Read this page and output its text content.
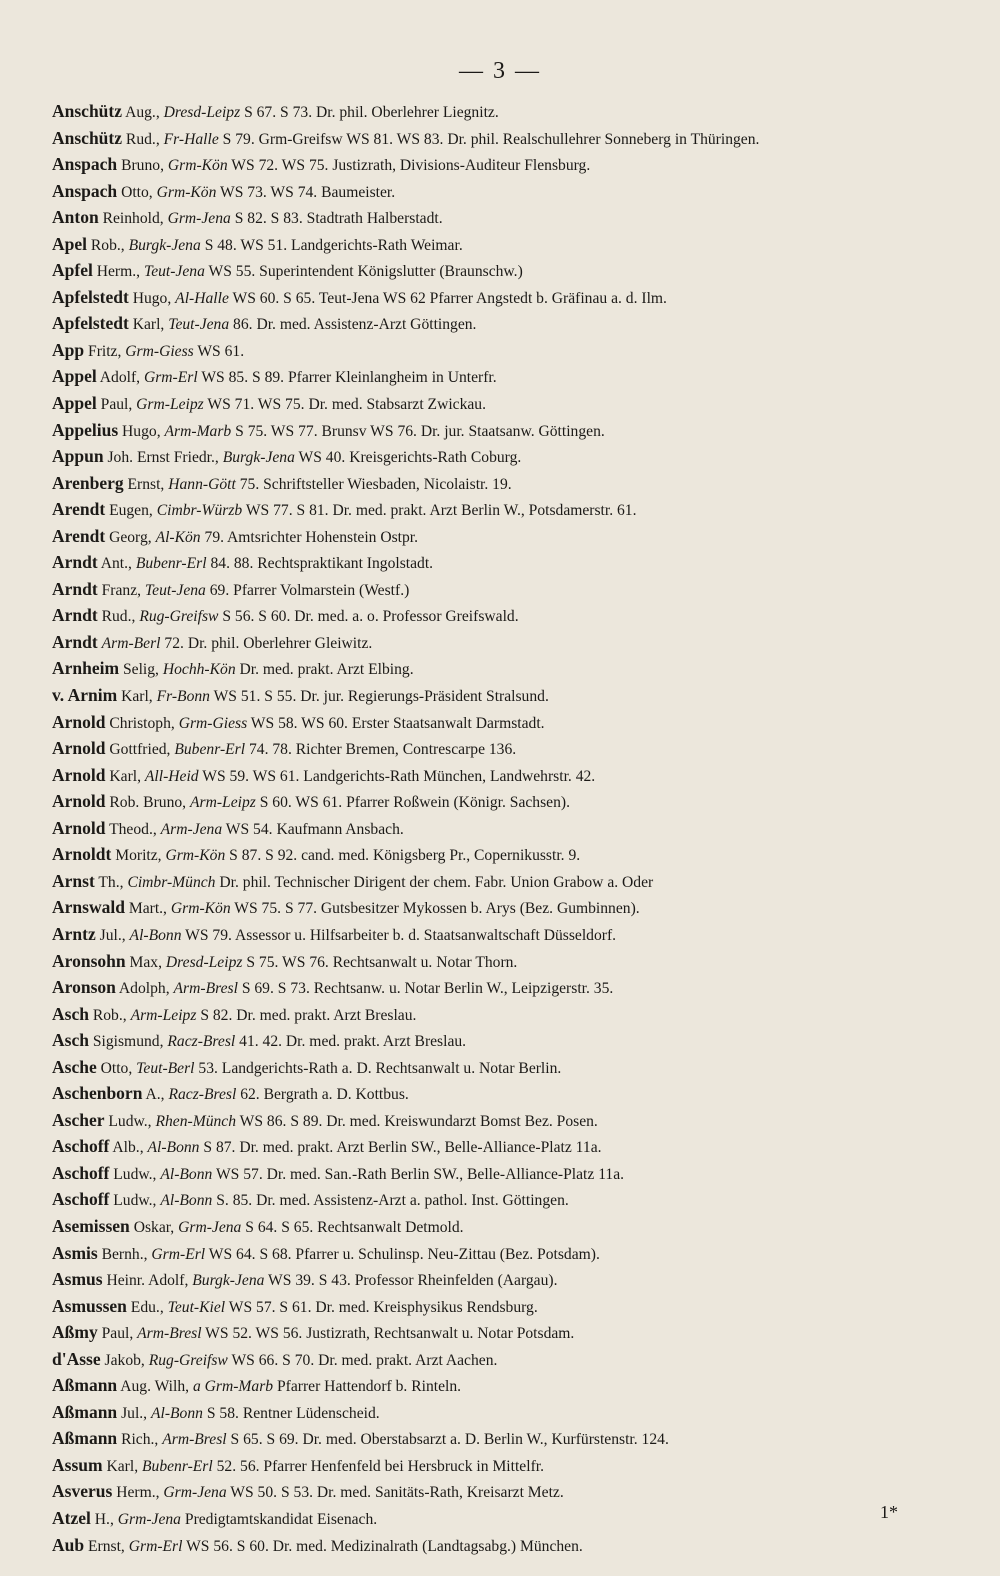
— 3 —
Anschütz Aug., Dresd-Leipz S 67. S 73. Dr. phil. Oberlehrer Liegnitz.
Anschütz Rud., Fr-Halle S 79. Grm-Greifsw WS 81. WS 83. Dr. phil. Realschullehrer Sonneberg in Thüringen.
Anspach Bruno, Grm-Kön WS 72. WS 75. Justizrath, Divisions-Auditeur Flensburg.
Anspach Otto, Grm-Kön WS 73. WS 74. Baumeister.
Anton Reinhold, Grm-Jena S 82. S 83. Stadtrath Halberstadt.
Apel Rob., Burgk-Jena S 48. WS 51. Landgerichts-Rath Weimar.
Apfel Herm., Teut-Jena WS 55. Superintendent Königslutter (Braunschw.)
Apfelstedt Hugo, Al-Halle WS 60. S 65. Teut-Jena WS 62 Pfarrer Angstedt b. Gräfinau a. d. Ilm.
Apfelstedt Karl, Teut-Jena 86. Dr. med. Assistenz-Arzt Göttingen.
App Fritz, Grm-Giess WS 61.
Appel Adolf, Grm-Erl WS 85. S 89. Pfarrer Kleinlangheim in Unterfr.
Appel Paul, Grm-Leipz WS 71. WS 75. Dr. med. Stabsarzt Zwickau.
Appelius Hugo, Arm-Marb S 75. WS 77. Brunsv WS 76. Dr. jur. Staatsanw. Göttingen.
Appun Joh. Ernst Friedr., Burgk-Jena WS 40. Kreisgerichts-Rath Coburg.
Arenberg Ernst, Hann-Gött 75. Schriftsteller Wiesbaden, Nicolaistr. 19.
Arendt Eugen, Cimbr-Würzb WS 77. S 81. Dr. med. prakt. Arzt Berlin W., Potsdamerstr. 61.
Arendt Georg, Al-Kön 79. Amtsrichter Hohenstein Ostpr.
Arndt Ant., Bubenr-Erl 84. 88. Rechtspraktikant Ingolstadt.
Arndt Franz, Teut-Jena 69. Pfarrer Volmarstein (Westf.)
Arndt Rud., Rug-Greifsw S 56. S 60. Dr. med. a. o. Professor Greifswald.
Arndt Arm-Berl 72. Dr. phil. Oberlehrer Gleiwitz.
Arnheim Selig, Hochh-Kön Dr. med. prakt. Arzt Elbing.
v. Arnim Karl, Fr-Bonn WS 51. S 55. Dr. jur. Regierungs-Präsident Stralsund.
Arnold Christoph, Grm-Giess WS 58. WS 60. Erster Staatsanwalt Darmstadt.
Arnold Gottfried, Bubenr-Erl 74. 78. Richter Bremen, Contrescarpe 136.
Arnold Karl, All-Heid WS 59. WS 61. Landgerichts-Rath München, Landwehrstr. 42.
Arnold Rob. Bruno, Arm-Leipz S 60. WS 61. Pfarrer Roßwein (Königr. Sachsen).
Arnold Theod., Arm-Jena WS 54. Kaufmann Ansbach.
Arnoldt Moritz, Grm-Kön S 87. S 92. cand. med. Königsberg Pr., Copernikusstr. 9.
Arnst Th., Cimbr-Münch Dr. phil. Technischer Dirigent der chem. Fabr. Union Grabow a. Oder
Arnswald Mart., Grm-Kön WS 75. S 77. Gutsbesitzer Mykossen b. Arys (Bez. Gumbinnen).
Arntz Jul., Al-Bonn WS 79. Assessor u. Hilfsarbeiter b. d. Staatsanwaltschaft Düsseldorf.
Aronsohn Max, Dresd-Leipz S 75. WS 76. Rechtsanwalt u. Notar Thorn.
Aronson Adolph, Arm-Bresl S 69. S 73. Rechtsanw. u. Notar Berlin W., Leipzigerstr. 35.
Asch Rob., Arm-Leipz S 82. Dr. med. prakt. Arzt Breslau.
Asch Sigismund, Racz-Bresl 41. 42. Dr. med. prakt. Arzt Breslau.
Asche Otto, Teut-Berl 53. Landgerichts-Rath a. D. Rechtsanwalt u. Notar Berlin.
Aschenborn A., Racz-Bresl 62. Bergrath a. D. Kottbus.
Ascher Ludw., Rhen-Münch WS 86. S 89. Dr. med. Kreiswundarzt Bomst Bez. Posen.
Aschoff Alb., Al-Bonn S 87. Dr. med. prakt. Arzt Berlin SW., Belle-Alliance-Platz 11a.
Aschoff Ludw., Al-Bonn WS 57. Dr. med. San.-Rath Berlin SW., Belle-Alliance-Platz 11a.
Aschoff Ludw., Al-Bonn S. 85. Dr. med. Assistenz-Arzt a. pathol. Inst. Göttingen.
Asemissen Oskar, Grm-Jena S 64. S 65. Rechtsanwalt Detmold.
Asmis Bernh., Grm-Erl WS 64. S 68. Pfarrer u. Schulinsp. Neu-Zittau (Bez. Potsdam).
Asmus Heinr. Adolf, Burgk-Jena WS 39. S 43. Professor Rheinfelden (Aargau).
Asmussen Edu., Teut-Kiel WS 57. S 61. Dr. med. Kreisphysikus Rendsburg.
Aßmy Paul, Arm-Bresl WS 52. WS 56. Justizrath, Rechtsanwalt u. Notar Potsdam.
d'Asse Jakob, Rug-Greifsw WS 66. S 70. Dr. med. prakt. Arzt Aachen.
Aßmann Aug. Wilh, a Grm-Marb Pfarrer Hattendorf b. Rinteln.
Aßmann Jul., Al-Bonn S 58. Rentner Lüdenscheid.
Aßmann Rich., Arm-Bresl S 65. S 69. Dr. med. Oberstabsarzt a. D. Berlin W., Kurfürstenstr. 124.
Assum Karl, Bubenr-Erl 52. 56. Pfarrer Henfenfeld bei Hersbruck in Mittelfr.
Asverus Herm., Grm-Jena WS 50. S 53. Dr. med. Sanitäts-Rath, Kreisarzt Metz.
Atzel H., Grm-Jena Predigtamtskandidat Eisenach.
Aub Ernst, Grm-Erl WS 56. S 60. Dr. med. Medizinalrath (Landtagsabg.) München.
1*
